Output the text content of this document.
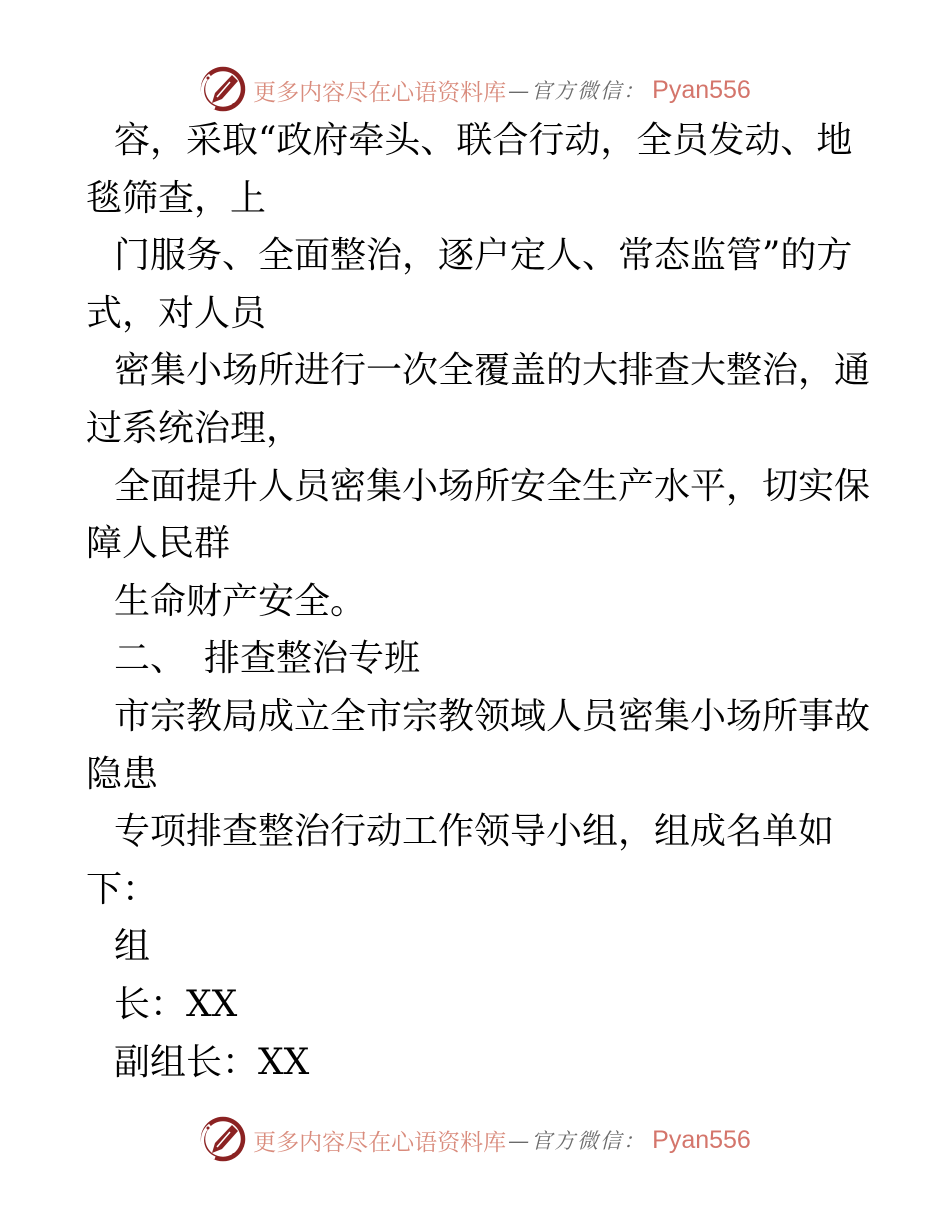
更多内容尽在心语资料库 —官方微信： Pyan556
容，采取“政府牵头、联合行动，全员发动、地
毯筛查，上
门服务、全面整治，逐户定人、常态监管”的方
式，对人员
密集小场所进行一次全覆盖的大排查大整治，通
过系统治理，
全面提升人员密集小场所安全生产水平，切实保
障人民群
生命财产安全。
二、　排查整治专班
市宗教局成立全市宗教领域人员密集小场所事故
隐患
专项排查整治行动工作领导小组，组成名单如
下：
组
长：XX
副组长：XX
更多内容尽在心语资料库 —官方微信： Pyan556
